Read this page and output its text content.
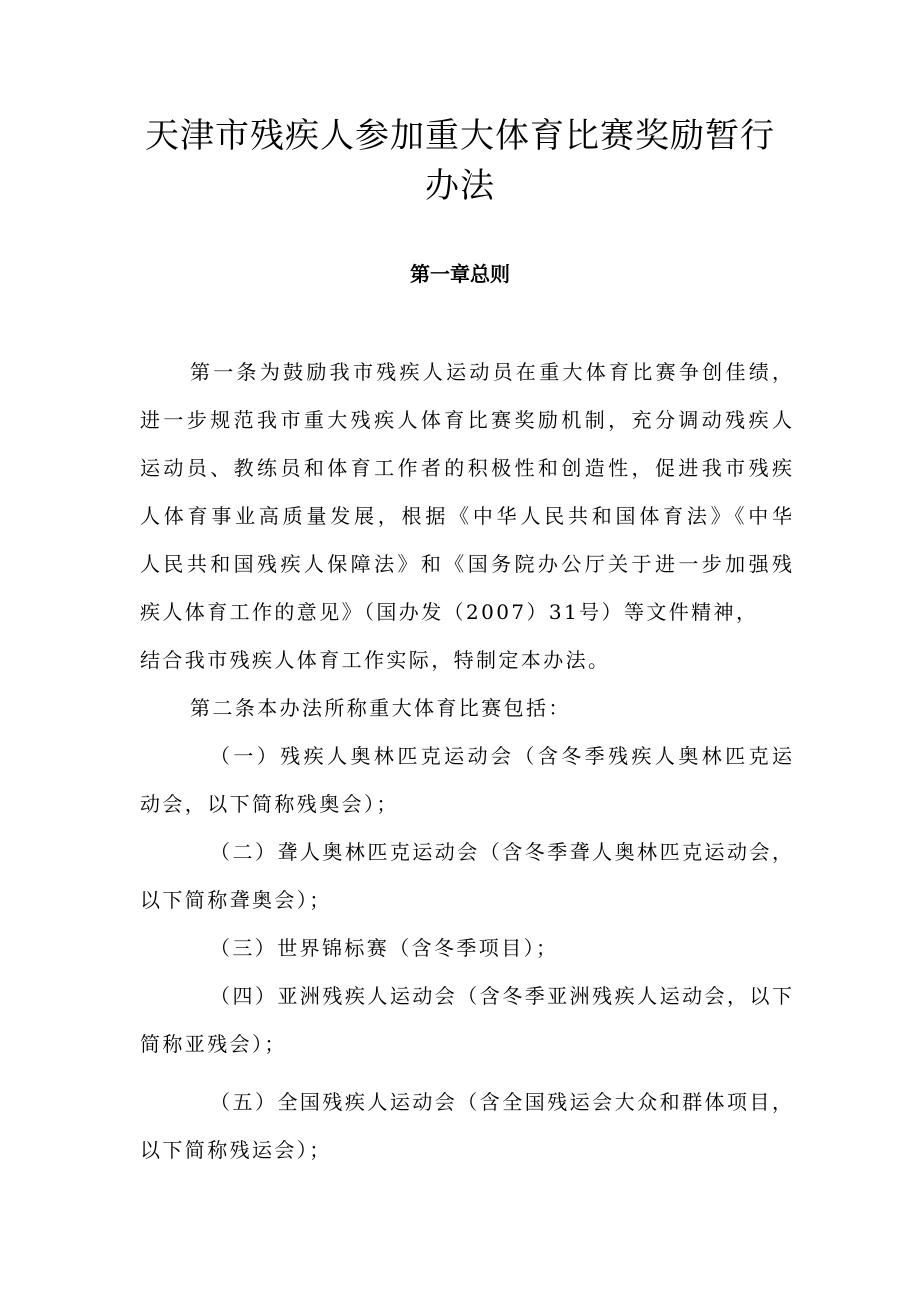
天津市残疾人参加重大体育比赛奖励暂行
办法
第一章总则

第一条为鼓励我市残疾人运动员在重大体育比赛争创佳绩，

进一步规范我市重大残疾人体育比赛奖励机制，充分调动残疾人

运动员、教练员和体育工作者的积极性和创造性，促进我市残疾

人体育事业高质量发展，根据《中华人民共和国体育法》《中华

人民共和国残疾人保障法》和《国务院办公厅关于进一步加强残

疾人体育工作的意见》（国办发（2007）31号）等文件精神，

结合我市残疾人体育工作实际，特制定本办法。

第二条本办法所称重大体育比赛包括：

（一）残疾人奥林匹克运动会（含冬季残疾人奥林匹克运

动会，以下简称残奥会）；

（二）聋人奥林匹克运动会（含冬季聋人奥林匹克运动会，

以下简称聋奥会）；

（三）世界锦标赛（含冬季项目）；

（四）亚洲残疾人运动会（含冬季亚洲残疾人运动会，以下

简称亚残会）；

（五）全国残疾人运动会（含全国残运会大众和群体项目，

以下简称残运会）；
